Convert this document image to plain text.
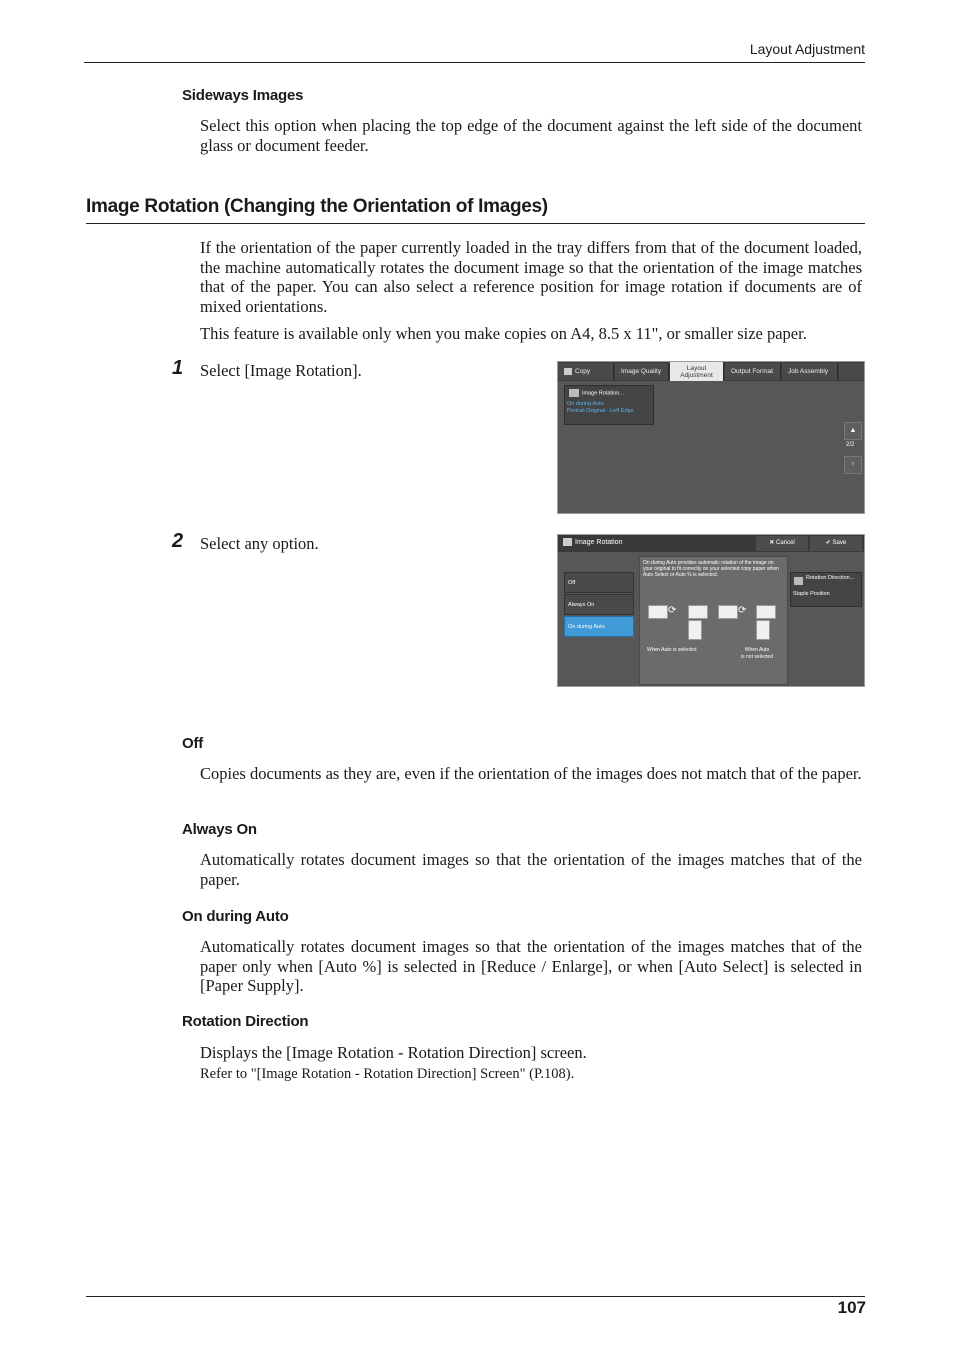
Layout Adjustment
Sideways Images

Select this option when placing the top edge of the document against the left side of the document glass or document feeder.

Image Rotation (Changing the Orientation of Images)

If the orientation of the paper currently loaded in the tray differs from that of the document loaded, the machine automatically rotates the document image so that the orientation of the image matches that of the paper. You can also select a reference position for image rotation if documents are of mixed orientations.

This feature is available only when you make copies on A4, 8.5 x 11", or smaller size paper.

1 Select [Image Rotation].	Copy	Image Quality	Layout Adjustment
Output Format	Job Assembly
Image Rotation...
On during Auto
Portrait Original - Left Edge
▲
2/2
▼
2 Select any option.	Image Rotation	✕ Cancel	✔ Save
Off
Always On
On during Auto
On during Auto provides automatic rotation of the image on your original to fit correctly on your selected copy paper when Auto Select or Auto % is selected.
⟳	⟳
When Auto is selected	When Auto
is not selected
Rotation Direction...
Staple Position
Off

Copies documents as they are, even if the orientation of the images does not match that of the paper.

Always On

Automatically rotates document images so that the orientation of the images matches that of the paper.

On during Auto

Automatically rotates document images so that the orientation of the images matches that of the paper only when [Auto %] is selected in [Reduce / Enlarge], or when [Auto Select] is selected in [Paper Supply].

Rotation Direction

Displays the [Image Rotation - Rotation Direction] screen.

Refer to "[Image Rotation - Rotation Direction] Screen" (P.108).
107
